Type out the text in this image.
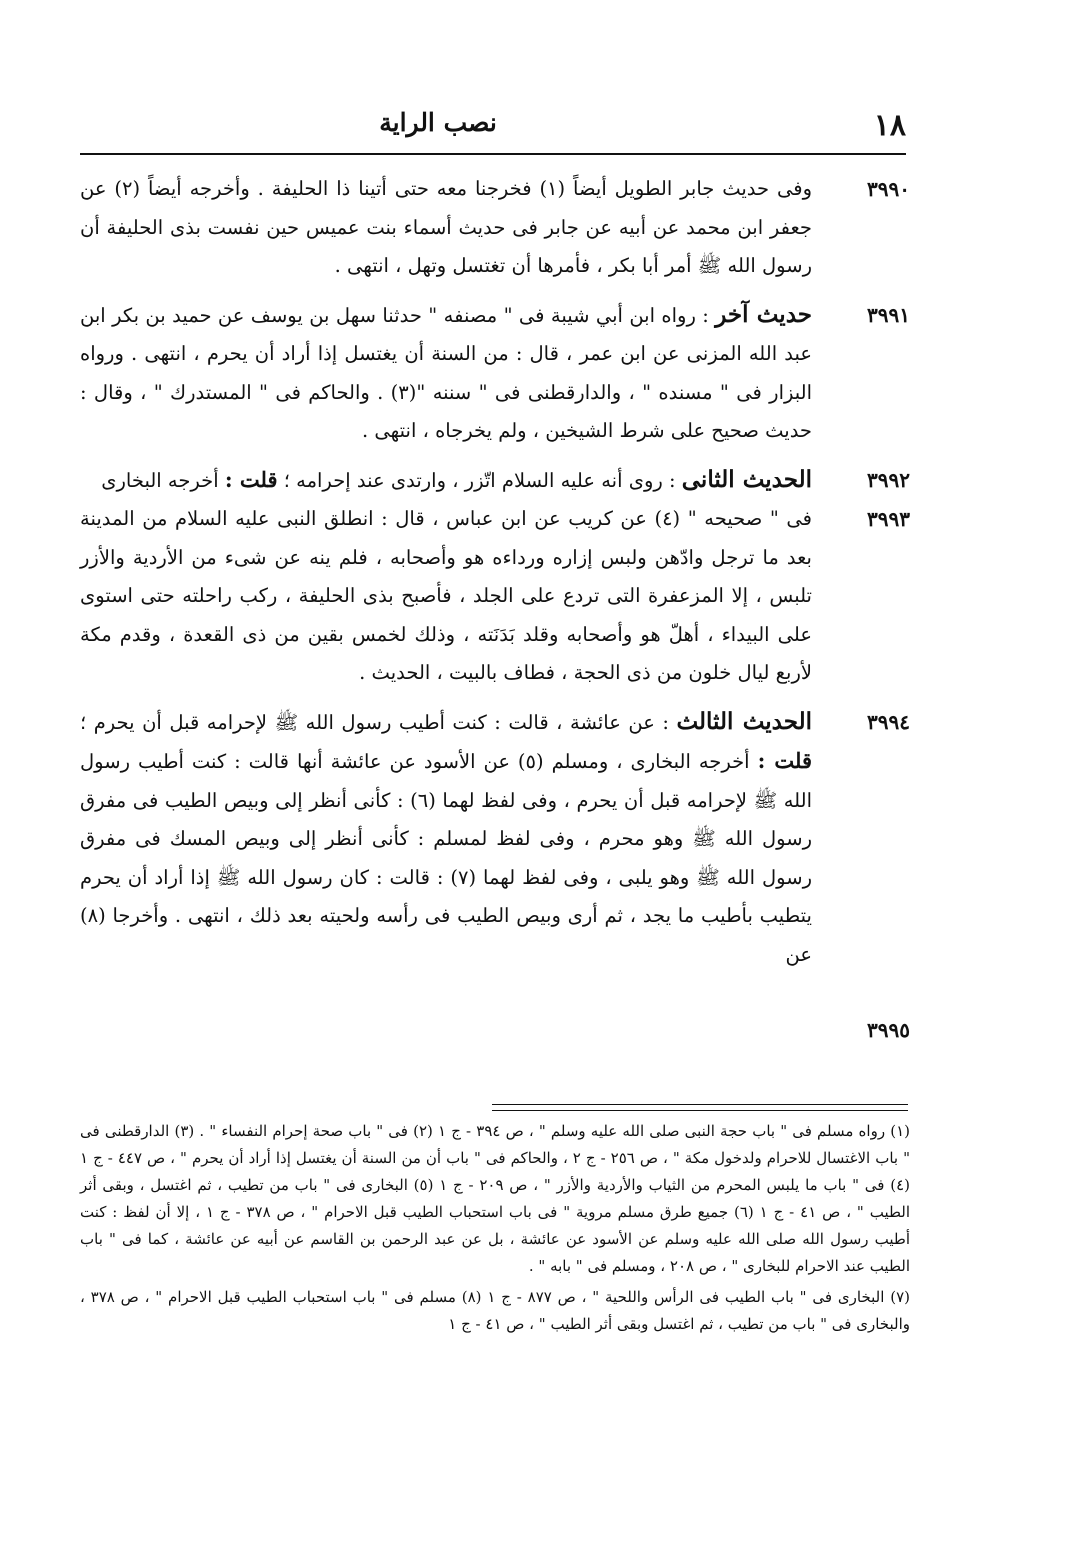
١٨
نصب الراية
٣٩٩٠
وفى حديث جابر الطويل أيضاً (١) فخرجنا معه حتى أتينا ذا الحليفة . وأخرجه أيضاً (٢) عن جعفر ابن محمد عن أبيه عن جابر فى حديث أسماء بنت عميس حين نفست بذى الحليفة أن رسول الله ﷺ أمر أبا بكر ، فأمرها أن تغتسل وتهل ، انتهى .
٣٩٩١
حديث آخر : رواه ابن أبي شيبة فى " مصنفه " حدثنا سهل بن يوسف عن حميد بن بكر ابن عبد الله المزنى عن ابن عمر ، قال : من السنة أن يغتسل إذا أراد أن يحرم ، انتهى . ورواه البزار فى " مسنده " ، والدارقطنى فى " سننه "(٣) . والحاكم فى " المستدرك " ، وقال : حديث صحيح على شرط الشيخين ، ولم يخرجاه ، انتهى .
٣٩٩٢
الحديث الثانى : روى أنه عليه السلام اتّزر ، وارتدى عند إحرامه ؛ قلت : أخرجه البخارى
٣٩٩٣
فى " صحيحه " (٤) عن كريب عن ابن عباس ، قال : انطلق النبى عليه السلام من المدينة بعد ما ترجل وادّهن ولبس إزاره ورداءه هو وأصحابه ، فلم ينه عن شىء من الأردية والأزر تلبس ، إلا المزعفرة التى تردع على الجلد ، فأصبح بذى الحليفة ، ركب راحلته حتى استوى على البيداء ، أهلّ هو وأصحابه وقلد بَدَنَته ، وذلك لخمس بقين من ذى القعدة ، وقدم مكة لأربع ليال خلون من ذى الحجة ، فطاف بالبيت ، الحديث .
٣٩٩٤
٣٩٩٥
الحديث الثالث : عن عائشة ، قالت : كنت أطيب رسول الله ﷺ لإحرامه قبل أن يحرم ؛ قلت : أخرجه البخارى ، ومسلم (٥) عن الأسود عن عائشة أنها قالت : كنت أطيب رسول الله ﷺ لإحرامه قبل أن يحرم ، وفى لفظ لهما (٦) : كأنى أنظر إلى وبيص الطيب فى مفرق رسول الله ﷺ وهو محرم ، وفى لفظ لمسلم : كأنى أنظر إلى وبيص المسك فى مفرق رسول الله ﷺ وهو يلبى ، وفى لفظ لهما (٧) : قالت : كان رسول الله ﷺ إذا أراد أن يحرم يتطيب بأطيب ما يجد ، ثم أرى وبيص الطيب فى رأسه ولحيته بعد ذلك ، انتهى . وأخرجا (٨) عن

(١) رواه مسلم فى " باب حجة النبى صلى الله عليه وسلم " ، ص ٣٩٤ - ج ١ (٢) فى " باب صحة إحرام النفساء " . (٣) الدارقطنى فى " باب الاغتسال للاحرام ولدخول مكة " ، ص ٢٥٦ - ج ٢ ، والحاكم فى " باب أن من السنة أن يغتسل إذا أراد أن يحرم " ، ص ٤٤٧ - ج ١ (٤) فى " باب ما يلبس المحرم من الثياب والأردية والأزر " ، ص ٢٠٩ - ج ١ (٥) البخارى فى " باب من تطيب ، ثم اغتسل ، وبقى أثر الطيب " ، ص ٤١ - ج ١ (٦) جميع طرق مسلم مروية " فى باب استحباب الطيب قبل الاحرام " ، ص ٣٧٨ - ج ١ ، إلا أن لفظ : كنت أطيب رسول الله صلى الله عليه وسلم عن الأسود عن عائشة ، بل عن عبد الرحمن بن القاسم عن أبيه عن عائشة ، كما فى " باب الطيب عند الاحرام للبخارى " ، ص ٢٠٨ ، ومسلم فى " بابه " .

(٧) البخارى فى " باب الطيب فى الرأس واللحية " ، ص ٨٧٧ - ج ١ (٨) مسلم فى " باب استحباب الطيب قبل الاحرام " ، ص ٣٧٨ ، والبخارى فى " باب من تطيب ، ثم اغتسل وبقى أثر الطيب " ، ص ٤١ - ج ١
